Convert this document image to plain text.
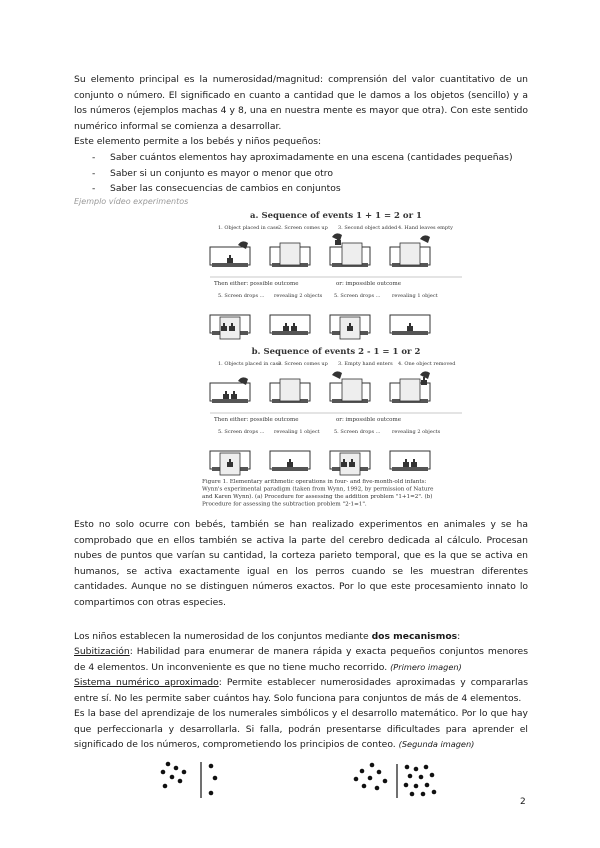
Su elemento principal es la numerosidad/magnitud: comprensión del valor cuantitativo de un conjunto o número. El significado en cuanto a cantidad que le damos a los objetos (sencillo) y a los números (ejemplos machas 4 y 8, una en nuestra mente es mayor que otra). Con este sentido numérico informal se comienza a desarrollar.
Este elemento permite a los bebés y niños pequeños:
- Saber cuántos elementos hay aproximadamente en una escena (cantidades pequeñas)
- Saber si un conjunto es mayor o menor que otro
- Saber las consecuencias de cambios en conjuntos
Ejemplo vídeo experimentos
a. Sequence of events 1 + 1 = 2 or 1
1. Object placed in case 2. Screen comes up 3. Second object added 4. Hand leaves empty
Then either: possible outcome	or: impossible outcome
5. Screen drops ... revealing 2 objects 5. Screen drops ... revealing 1 object
b. Sequence of events 2 - 1 = 1 or 2
1. Objects placed in case
2. Screen comes up 3. Empty hand enters 4. One object removed
Then either: possible outcome	or: impossible outcome
5. Screen drops ... revealing 1 object	5. Screen drops ... revealing 2 objects
Figure 1. Elementary arithmetic operations in four- and five-month-old infants:
Wynn's experimental paradigm (taken from Wynn, 1992, by permission of Nature
and Karen Wynn). (a) Procedure for assessing the addition problem "1+1=2". (b)
Procedure for assessing the subtraction problem "2-1=1".
Esto no solo ocurre con bebés, también se han realizado experimentos en animales y se ha comprobado que en ellos también se activa la parte del cerebro dedicada al cálculo. Procesan nubes de puntos que varían su cantidad, la corteza parieto temporal, que es la que se activa en humanos, se activa exactamente igual en los perros cuando se les muestran diferentes cantidades. Aunque no se distinguen números exactos. Por lo que este procesamiento innato lo compartimos con otras especies.
Los niños establecen la numerosidad de los conjuntos mediante dos mecanismos:
Subitización: Habilidad para enumerar de manera rápida y exacta pequeños conjuntos menores de 4 elementos. Un inconveniente es que no tiene mucho recorrido. (Primero imagen)
Sistema numérico aproximado: Permite establecer numerosidades aproximadas y compararlas entre sí. No les permite saber cuántos hay. Solo funciona para conjuntos de más de 4 elementos.
Es la base del aprendizaje de los numerales simbólicos y el desarrollo matemático. Por lo que hay que perfeccionarla y desarrollarla. Si falla, podrán presentarse dificultades para aprender el significado de los números, comprometiendo los principios de conteo. (Segunda imagen)
2
